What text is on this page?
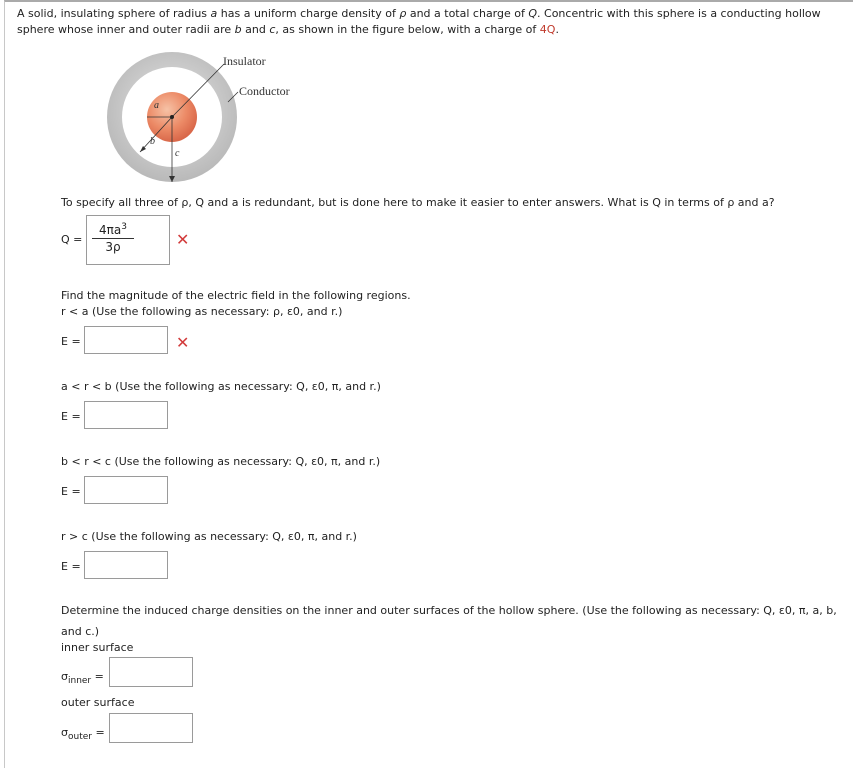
A solid, insulating sphere of radius a has a uniform charge density of ρ and a total charge of Q. Concentric with this sphere is a conducting hollow sphere whose inner and outer radii are b and c, as shown in the figure below, with a charge of 4Q.
Insulator
Conductor
a
b
c
To specify all three of ρ, Q and a is redundant, but is done here to make it easier to enter answers. What is Q in terms of ρ and a?
Q =
$4\pi a^3$
3ρ	✕
Find the magnitude of the electric field in the following regions.
r < a (Use the following as necessary: ρ, ε0, and r.)
E =	✕
a < r < b (Use the following as necessary: Q, ε0, π, and r.)
E =
b < r < c (Use the following as necessary: Q, ε0, π, and r.)
E =
r > c (Use the following as necessary: Q, ε0, π, and r.)
E =
Determine the induced charge densities on the inner and outer surfaces of the hollow sphere. (Use the following as necessary: Q, ε0, π, a, b,
and c.)
inner surface
$\sigma_{inner}$ =
outer surface
$\sigma_{outer}$ =
